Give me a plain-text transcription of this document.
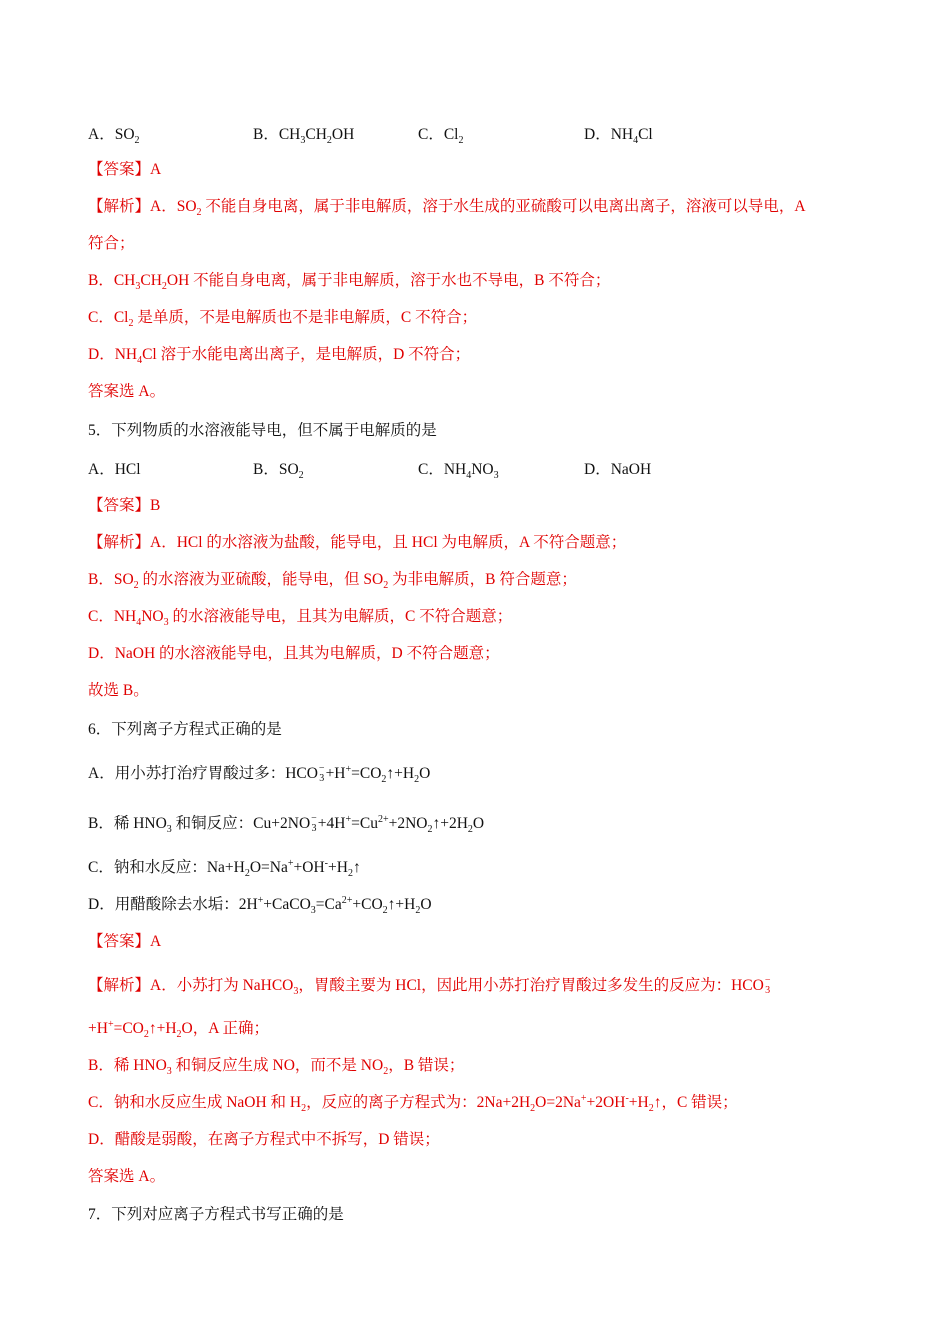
A．$SO_2$	B．$CH_3CH_2OH$	C．$Cl_2$	D．$NH_4Cl$
【答案】A
【解析】A．$SO_2$ 不能自身电离，属于非电解质，溶于水生成的亚硫酸可以电离出离子，溶液可以导电，A
符合；
B．$CH_3CH_2OH$ 不能自身电离，属于非电解质，溶于水也不导电，B 不符合；
C．$Cl_2$ 是单质，不是电解质也不是非电解质，C 不符合；
D．$NH_4Cl$ 溶于水能电离出离子，是电解质，D 不符合；
答案选 A。
5．下列物质的水溶液能导电，但不属于电解质的是
A．HCl	B．$SO_2$	C．$NH_4NO_3$	D．NaOH
【答案】B
【解析】A．HCl 的水溶液为盐酸，能导电，且 HCl 为电解质，A 不符合题意；
B．$SO_2$ 的水溶液为亚硫酸，能导电，但 $SO_2$ 为非电解质，B 符合题意；
C．$NH_4NO_3$ 的水溶液能导电，且其为电解质，C 不符合题意；
D．NaOH 的水溶液能导电，且其为电解质，D 不符合题意；
故选 B。
6．下列离子方程式正确的是
A．用小苏打治疗胃酸过多：HCO −
$3 +H^+=CO_2↑+H_2O$
B．稀 $HNO_3$ 和铜反应：Cu+2NO −
$3 +4H^+=Cu^{2+}+2NO_2↑+2H_2O$
C．钠和水反应：$Na+H_2O=Na^++OH^-+H_2↑$
D．用醋酸除去水垢：$2H^++CaCO_3=Ca^{2+}+CO_2↑+H_2O$
【答案】A
【解析】A．小苏打为 NaHCO$_3$，胃酸主要为 HCl，因此用小苏打治疗胃酸过多发生的反应为：HCO −
3
$+H^+=CO_2↑+H_2O$，A 正确；
B．稀 $HNO_3$ 和铜反应生成 NO，而不是 $NO_2$，B 错误；
C．钠和水反应生成 NaOH 和 $H_2$，反应的离子方程式为：$2Na+2H_2O=2Na^++2OH^-+H_2↑$，C 错误；
D．醋酸是弱酸，在离子方程式中不拆写，D 错误；
答案选 A。
7．下列对应离子方程式书写正确的是
